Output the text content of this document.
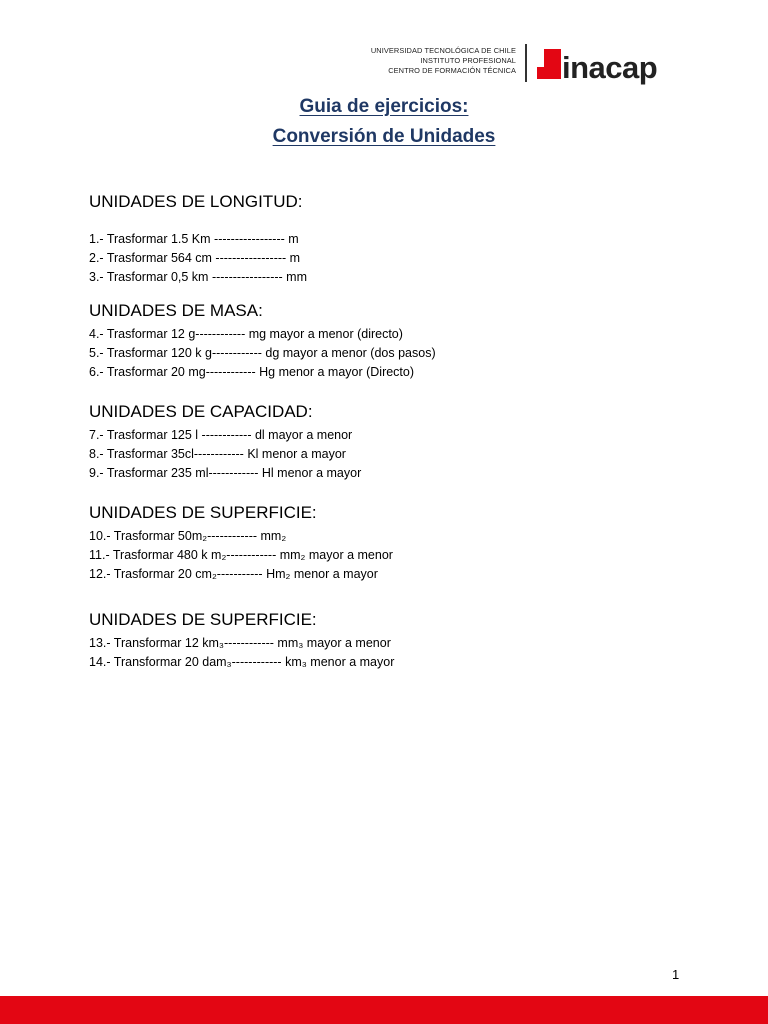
UNIVERSIDAD TECNOLÓGICA DE CHILE
INSTITUTO PROFESIONAL
CENTRO DE FORMACIÓN TÉCNICA inacap
Guia de ejercicios:
Conversión de Unidades

UNIDADES DE LONGITUD:

1.- Trasformar 1.5 Km ----------------- m

2.- Trasformar 564 cm ----------------- m

3.- Trasformar 0,5 km ----------------- mm

UNIDADES DE MASA:

4.- Trasformar 12 g------------ mg mayor a menor (directo)

5.- Trasformar 120 k g------------ dg mayor a menor (dos pasos)

6.- Trasformar 20 mg------------ Hg menor a mayor (Directo)

UNIDADES DE CAPACIDAD:

7.- Trasformar 125 l ------------ dl mayor a menor

8.- Trasformar 35cl------------ Kl menor a mayor

9.- Trasformar 235 ml------------ Hl menor a mayor

UNIDADES DE SUPERFICIE:

10.- Trasformar 50m₂------------ mm₂

11.- Trasformar 480 k m₂------------ mm₂ mayor a menor

12.- Trasformar 20 cm₂----------- Hm₂ menor a mayor

UNIDADES DE SUPERFICIE:

13.- Transformar 12 km₃------------ mm₃ mayor a menor

14.- Transformar 20 dam₃------------ km₃ menor a mayor

1
